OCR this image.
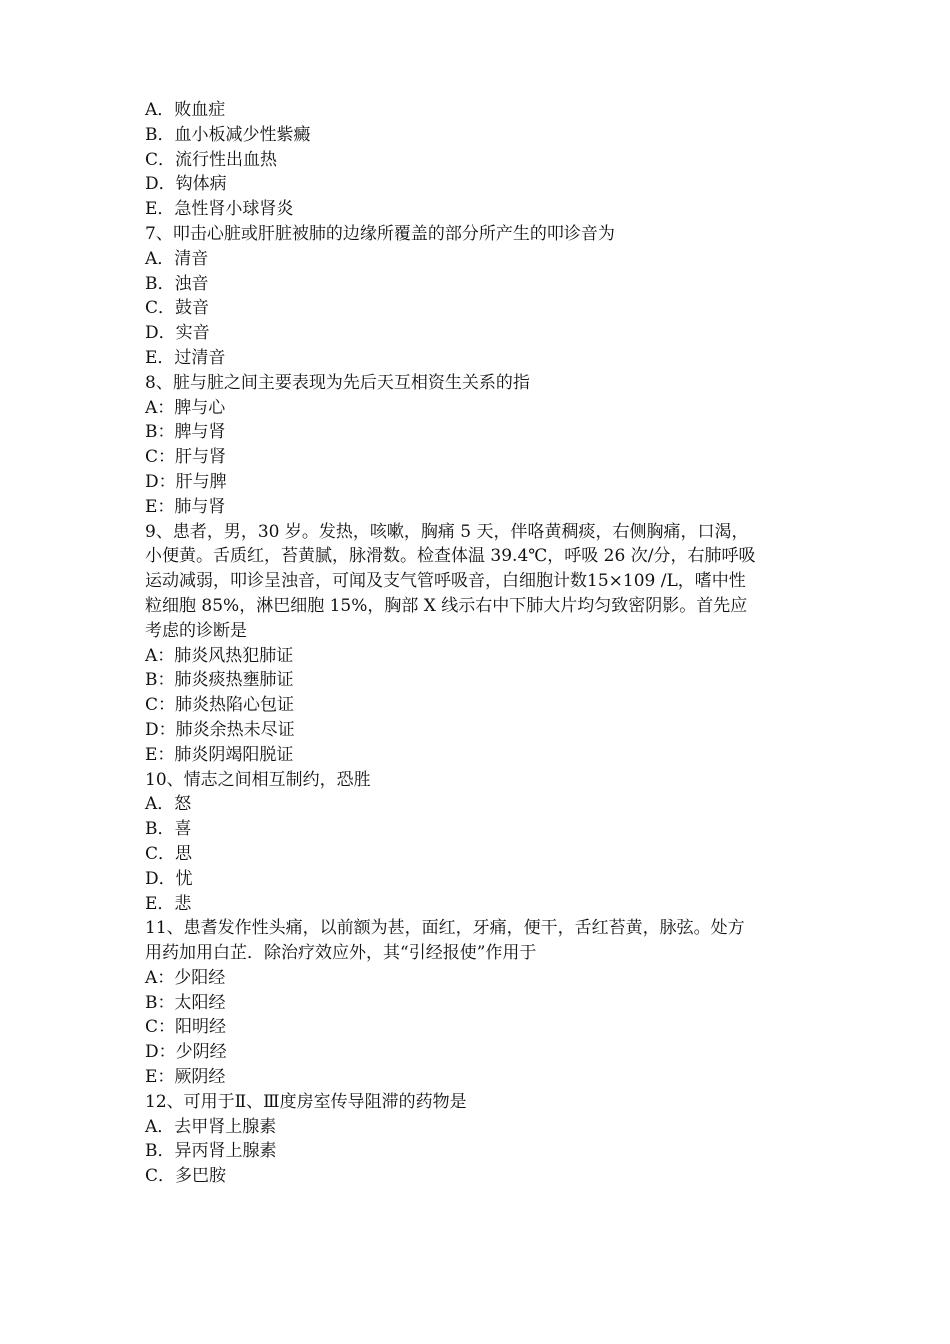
A．败血症
B．血小板减少性紫癜
C．流行性出血热
D．钩体病
E．急性肾小球肾炎
7、叩击心脏或肝脏被肺的边缘所覆盖的部分所产生的叩诊音为
A．清音
B．浊音
C．鼓音
D．实音
E．过清音
8、脏与脏之间主要表现为先后天互相资生关系的指
A：脾与心
B：脾与肾
C：肝与肾
D：肝与脾
E：肺与肾
9、患者，男，30 岁。发热，咳嗽，胸痛 5 天，伴咯黄稠痰，右侧胸痛，口渴，
小便黄。舌质红，苔黄腻，脉滑数。检查体温 39.4℃，呼吸 26 次/分，右肺呼吸
运动减弱，叩诊呈浊音，可闻及支气管呼吸音，白细胞计数15×109 /L，嗜中性
粒细胞 85%，淋巴细胞 15%，胸部 X 线示右中下肺大片均匀致密阴影。首先应
考虑的诊断是
A：肺炎风热犯肺证
B：肺炎痰热壅肺证
C：肺炎热陷心包证
D：肺炎余热未尽证
E：肺炎阴竭阳脱证
10、情志之间相互制约，恐胜
A．怒
B．喜
C．思
D．忧
E．悲
11、患耆发作性头痛，以前额为甚，面红，牙痛，便干，舌红苔黄，脉弦。处方
用药加用白芷．除治疗效应外，其“引经报使”作用于
A：少阳经
B：太阳经
C：阳明经
D：少阴经
E：厥阴经
12、可用于Ⅱ、Ⅲ度房室传导阻滞的药物是
A．去甲肾上腺素
B．异丙肾上腺素
C．多巴胺
